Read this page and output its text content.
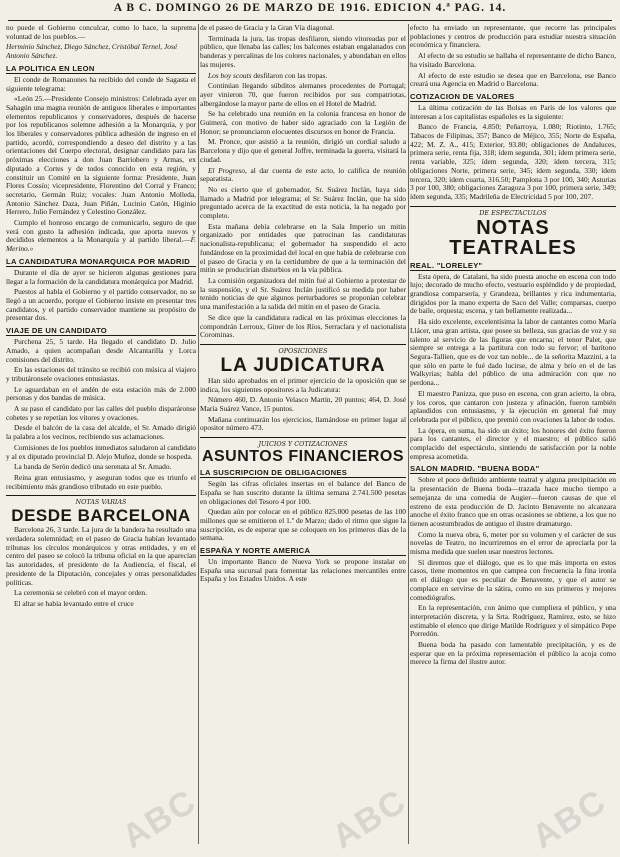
A B C. DOMINGO 26 DE MARZO DE 1916. EDICION 4.ª PAG. 14.

no puede el Gobierno conculcar, como lo hace, la suprema voluntad de los pueblos.—

Herminio Sánchez, Diego Sánchez, Cristóbal Ternel, José Antonio Sánchez.

LA POLITICA EN LEON

El conde de Romanones ha recibido del conde de Sagasta el siguiente telegrama:

«León 25.—Presidente Consejo ministros: Celebrada ayer en Sahagún una magna reunión de antiguos liberales e importantes elementos republicanos y conservadores, después de hacerse por los republicanos solemne adhesión a la Monarquía, y por los liberales y conservadores pública adhesión de ingreso en el partido, acordó, correspondiendo a deseo del distrito y a las orientaciones del Cuerpo electoral, designar candidato para las próximas elecciones a don Juan Barriobero y Armas, ex diputado a Cortes y de todos conocido en esta región, y constituir un Comité en la siguiente forma: Presidente, Juan Flores Cossío; vicepresidente, Florentino del Corral y Franco; secretario, Germán Ruiz; vocales: Juan Antonio Molleda, Antonio Sánchez Daza, Juan Piñán, Lucinio Catón, Higinio Herrero, Julio Fernández y Celestino González.

Cumplo el honroso encargo de comunicarlo, seguro de que verá con gusto la adhesión indicada, que aporta nuevos y decididos elementos a la Monarquía y al partido liberal.—F. Merino.»

LA CANDIDATURA MONARQUICA POR MADRID

Durante el día de ayer se hicieron algunas gestiones para llegar a la formación de la candidatura monárquica por Madrid.

Puestos al habla el Gobierno y el partido conservador, no se llegó a un acuerdo, porque el Gobierno insiste en presentar tres candidatos, y el partido conservador mantiene su propósito de presentar dos.

VIAJE DE UN CANDIDATO

Purchena 25, 5 tarde. Ha llegado el candidato D. Julio Amado, a quien acompañan desde Alcantarilla y Lorca comisiones del distrito.

En las estaciones del tránsito se recibió con música al viajero y tributáronsele ovaciones entusiastas.

Le aguardaban en el andén de esta estación más de 2.000 personas y dos bandas de música.

A su paso el candidato por las calles del pueblo disparáronse cohetes y se repetían los vítores y ovaciones.

Desde el balcón de la casa del alcalde, el Sr. Amado dirigió la palabra a los vecinos, recibiendo sus aclamaciones.

Comisiones de los pueblos inmediatos saludaron al candidato y al ex diputado provincial D. Alejo Muñoz, donde se hospeda.

La banda de Serón dedicó una serenata al Sr. Amado.

Reina gran entusiasmo, y aseguran todos que es triunfo el recibimiento más grandioso tributado en este pueblo.

NOTAS VARIAS
DESDE BARCELONA

Barcelona 26, 3 tarde. La jura de la bandera ha resultado una verdadera solemnidad; en el paseo de Gracia habían levantado tribunas los círculos monárquicos y otras entidades, y en el centro del paseo se colocó la tribuna oficial en la que aparecían las autoridades, el presidente de la Audiencia, el fiscal, el presidente de la Diputación, concejales y otras personalidades políticas.

La ceremonia se celebró con el mayor orden.

El altar se había levantado entre el cruce

de el paseo de Gracia y la Gran Vía diagonal.

Terminada la jura, las tropas desfilaron, siendo vitoreadas por el público, que llenaba las calles; los balcones estaban engalanados con banderas y percalinas de los colores nacionales, y abundaban en ellos las mujeres.

Los boy scouts desfilaron con las tropas.

Continúan llegando súbditos alemanes procedentes de Portugal; ayer vinieron 70, que fueron recibidos por sus compatriotas, albergándose la mayor parte de ellos en el Hotel de Madrid.

Se ha celebrado una reunión en la colonia francesa en honor de Guimerá, con motivo de haber sido agraciado con la Legión de Honor; se pronunciaron elocuentes discursos en honor de Francia.

M. Pronce, que asistió a la reunión, dirigió un cordial saludo a Barcelona y dijo que el general Joffre, terminada la guerra, visitará la ciudad.

El Progreso, al dar cuenta de este acto, lo califica de reunión separatista.

No es cierto que el gobernador, Sr. Suárez Inclán, haya sido llamado a Madrid por telegrama; el Sr. Suárez Inclán, que ha sido preguntado acerca de la exactitud de esta noticia, la ha negado por completo.

Esta mañana debía celebrarse en la Sala Imperio un mitin organizado por entidades que patrocinan las candidaturas nacionalista-republicana; el gobernador ha suspendido el acto fundándose en la proximidad del local en que había de celebrarse con el paseo de Gracia y en la certidumbre de que a la terminación del mitin se producirían disturbios en la vía pública.

La comisión organizadora del mitin fué al Gobierno a protestar de la suspensión, y el Sr. Suárez Inclán justificó su medida por haber tenido noticias de que algunos perturbadores se proponían celebrar una manifestación a la salida del mitin en el paseo de Gracia.

Se dice que la candidatura radical en las próximas elecciones la compondrán Lerroux, Giner de los Ríos, Serraclara y el nacionalista Corominas.

OPOSICIONES
LA JUDICATURA

Han sido aprobados en el primer ejercicio de la oposición que se indica, los siguientes opositores a la Judicatura:

Número 460, D. Antonio Velasco Martín, 20 puntos; 464, D. José María Suárez Vance, 15 puntos.

Mañana continuarán los ejercicios, llamándose en primer lugar al opositor número 473.

JUICIOS Y COTIZACIONES
ASUNTOS FINANCIEROS
LA SUSCRIPCION DE OBLIGACIONES

Según las cifras oficiales insertas en el balance del Banco de España se han suscrito durante la última semana 2.741.500 pesetas en obligaciones del Tesoro 4 por 100.

Quedan aún por colocar en el público 825.000 pesetas de las 100 millones que se emitieron el 1.º de Marzo; dado el ritmo que sigue la suscripción, es de esperar que se coloquen en los primeros días de la semana.

ESPAÑA Y NORTE AMERICA

Un importante Banco de Nueva York se propone instalar en España una sucursal para fomentar las relaciones mercantiles entre España y los Estados Unidos. A este

efecto ha enviado un representante, que recorre las principales poblaciones y centros de producción para estudiar nuestra situación económica y financiera.

Al efecto de su estudio se hallaba el representante de dicho Banco, ha visitado Barcelona.

Al efecto de este estudio se desea que en Barcelona, ese Banco creará una Agencia en Madrid o Barcelona.

COTIZACION DE VALORES

La última cotización de las Bolsas en París de los valores que interesan a los capitalistas españoles es la siguiente:

Banco de Francia, 4.850; Peñarroya, 1.080; Riotinto, 1.765; Tabacos de Filipinas, 357; Banco de Méjico, 355; Norte de España, 422; M. Z. A., 415; Exterior, 93.80; obligaciones de Andaluces, primera serie, renta fija, 318; ídem segunda, 301; ídem primera serie, renta variable, 325; ídem segunda, 320; ídem tercera, 315; obligaciones Norte, primera serie, 345; ídem segunda, 330; ídem tercera, 320; ídem cuarta, 316.50; Pamplona 3 por 100, 340; Asturias 3 por 100, 380; obligaciones Zaragoza 3 por 100, primera serie, 349; ídem segunda, 335; Madrileña de Electricidad 5 por 100, 207.

DE ESPECTACULOS
NOTAS TEATRALES
REAL. "LORELEY"

Esta ópera, de Catalani, ha sido puesta anoche en escena con todo lujo; decorado de mucho efecto, vestuario espléndido y de propiedad, grandiosa comparsería, y Grandeza, brillantes y rica indumentaria, dirigidos por la mano experta de Saco del Valle; comparsas, cuerpo de baile, orquesta; escena, y tan bellamente realizada...

Ha sido excelente, excelentísima la labor de cantantes como María Llácer, una gran artista, que posee su belleza, sus gracias de voz y su talento al servicio de las figuras que encarna; el tenor Palet, que siempre se entrega a la partitura con todo su fervor; el barítono Segura-Tallien, que es de voz tan noble... de la señorita Mazzini, a la que sólo en parte le fué dado lucirse, de alma y brío en el de las Walkyrias; habla del público de una admiración con que no perdona...

El maestro Panizza, que puso en escena, con gran acierto, la obra, y los coros, que cantaron con justeza y afinación, fueron también aplaudidos con entusiasmo, y la ejecución en general fué muy celebrada por el público, que premió con ovaciones la labor de todos.

La ópera, en suma, ha sido un éxito; los honores del éxito fueron para los cantantes, el director y el maestro; el público salió complacido del espectáculo, sintiendo de satisfacción por la noble empresa acometida.

SALON MADRID. "BUENA BODA"

Sobre el poco definido ambiente teatral y alguna precipitación en la presentación de Buena boda—trazada hace mucho tiempo a semejanza de una comedia de Augier—fueron causas de que el estreno de esta producción de D. Jacinto Benavente no alcanzara anoche el éxito franco que en otras ocasiones se obtiene, a los que no tienen acostumbrados de antiguo el ilustre dramaturgo.

Como la nueva obra, 6, meter por su volumen y el carácter de sus novelas de Teatro, no incurriremos en el error de apreciarla por la misma medida que suelen usar nuestros lectores.

Sí diremos que el diálogo, que es lo que más importa en estos casos, tiene momentos en que campea con frecuencia la fina ironía en el diálogo que es peculiar de Benavente, y que el autor se complace en servirse de la sátira, como en sus primeros y mejores comediógrafos.

En la representación, con ánimo que cumpliera el público, y una interpretación discreta, y la Srta. Rodríguez, Ramírez, esto, se hizo estimable el elenco que dirige Matilde Rodríguez y el simpático Pepe Porredón.

Buena boda ha pasado con lamentable precipitación, y es de esperar que en la próxima representación el público la acoja como merece la firma del ilustre autor.

ABC	ABC	ABC
